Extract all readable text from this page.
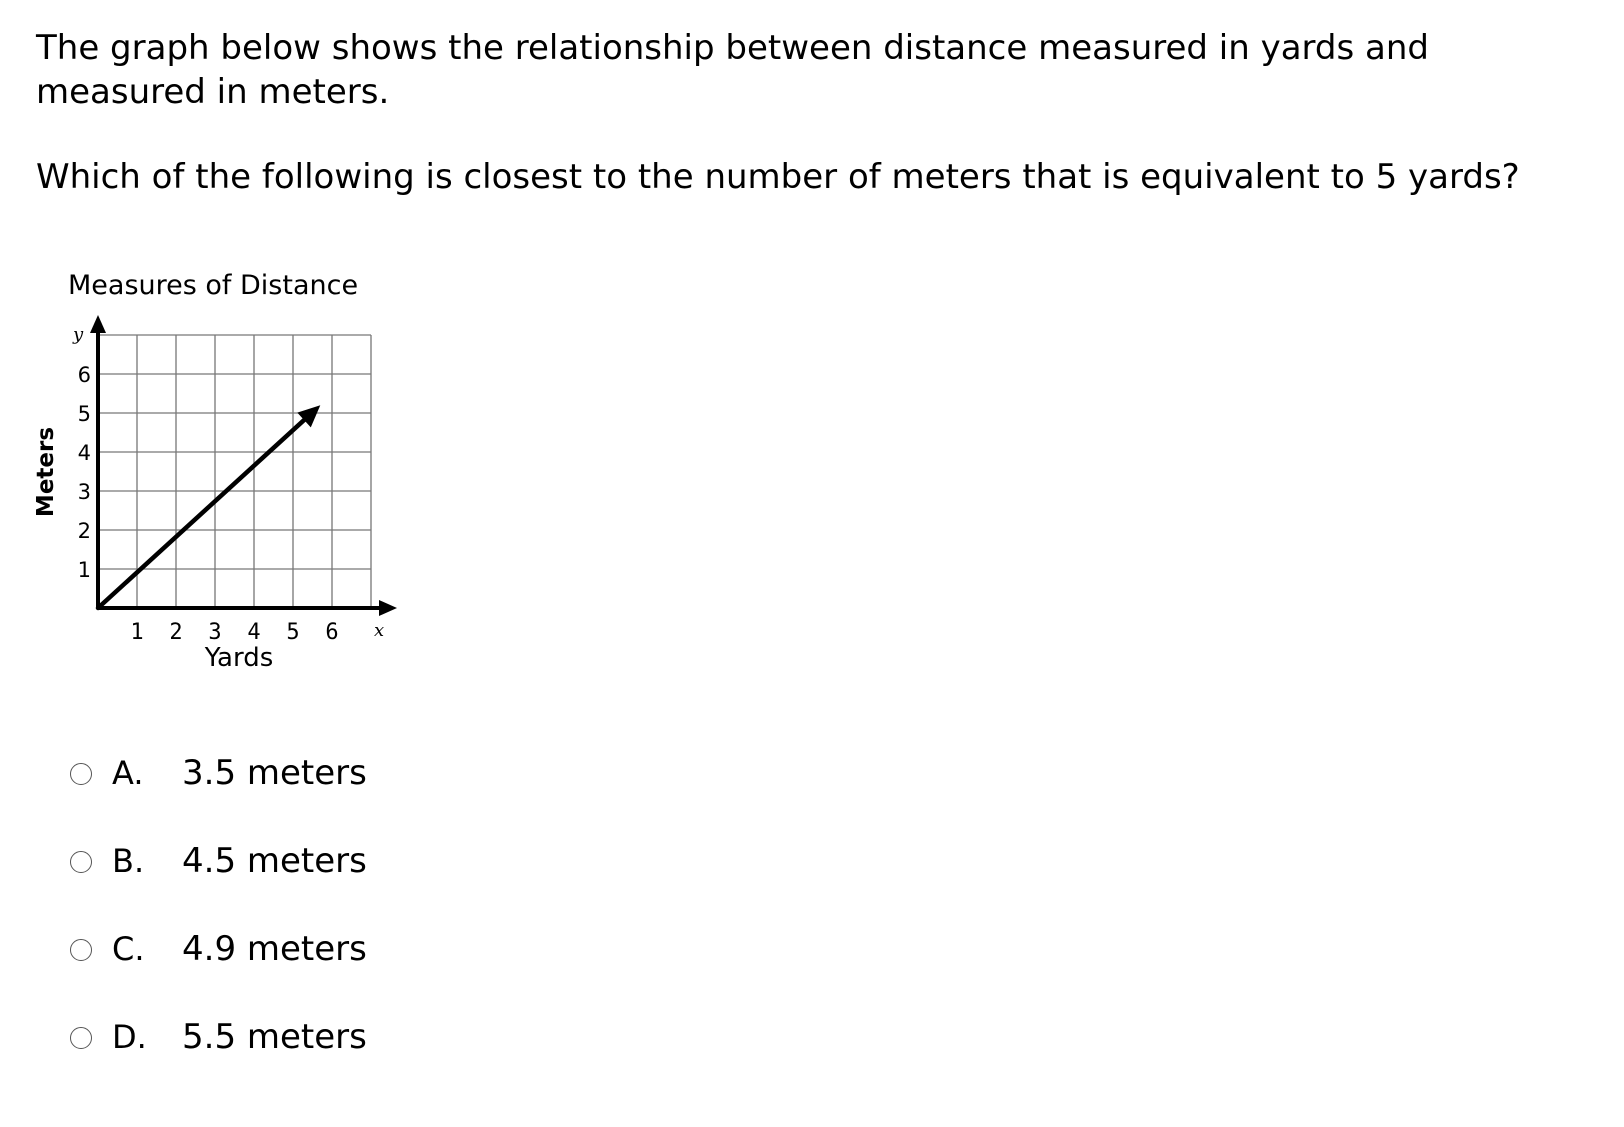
The graph below shows the relationship between distance measured in yards and measured in meters.

Which of the following is closest to the number of meters that is equivalent to 5 yards?

Measures of Distance
Meters
Yards
y
x
1 2 3 4 5 6
1
2
3
4
5
6
A. 3.5 meters
B. 4.5 meters
C. 4.9 meters
D. 5.5 meters
